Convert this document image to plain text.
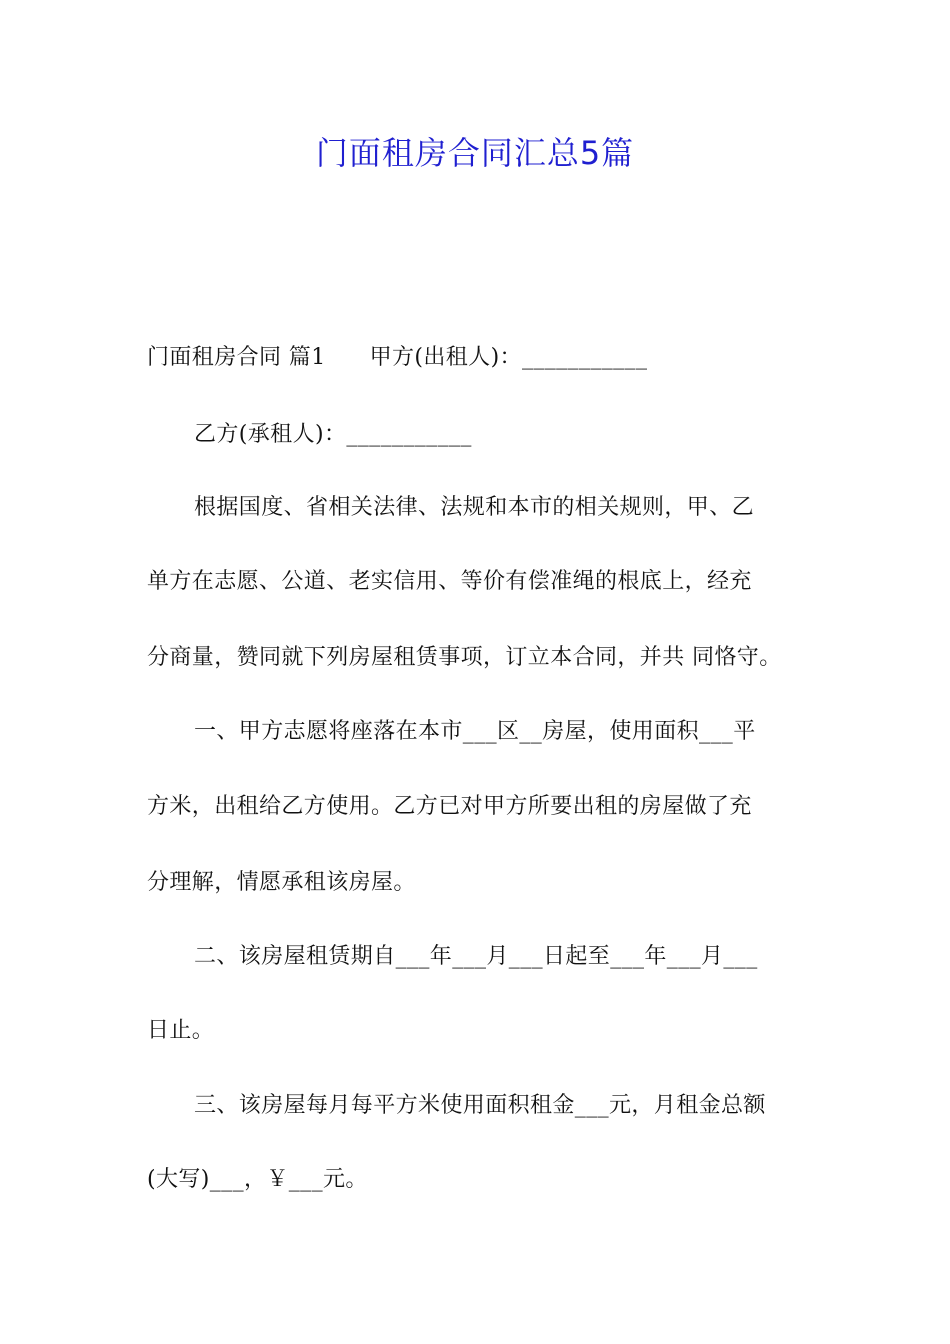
门面租房合同汇总5篇
门面租房合同 篇1 甲方(出租人)：___________
乙方(承租人)：___________
根据国度、省相关法律、法规和本市的相关规则，甲、乙
单方在志愿、公道、老实信用、等价有偿准绳的根底上，经充
分商量，赞同就下列房屋租赁事项，订立本合同，并共 同恪守。
一、甲方志愿将座落在本市___区__房屋，使用面积___平
方米，出租给乙方使用。乙方已对甲方所要出租的房屋做了充
分理解，情愿承租该房屋。
二、该房屋租赁期自___年___月___日起至___年___月___
日止。
三、该房屋每月每平方米使用面积租金___元，月租金总额
(大写)___，￥___元。
